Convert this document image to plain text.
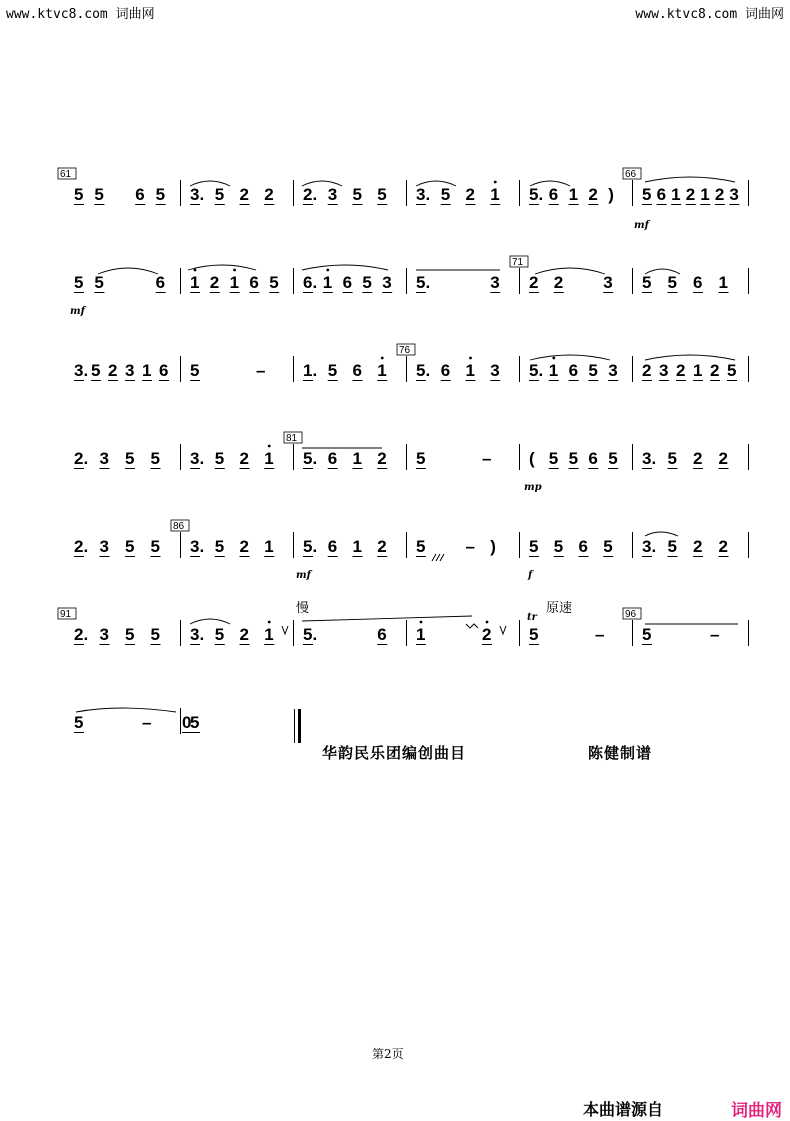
www.ktvc8.com 词曲网	www.ktvc8.com 词曲网
61	66
71
76
81
86
91	96
mf
mf
mp
mf	f
慢
tr
原速
5 5 6 5 3. 5 2 2 2. 3 5 5 3. 5 2 1 5. 6 1 2 ) 5 6 1 2 1 2 3
5 5	6 1 2 1 6 5 6. 1 6 5 3 5.	3 2 2 3 5 5 6 1
3. 5 2 3 1 6 5	– 1. 5 6 1 5. 6 1 3 5. 1 6 5 3 2 3 2 1 2 5
2. 3 5 5 3. 5 2 1 5. 6 1 2 5	– ( 5 5 6 5 3. 5 2 2
2. 3 5 5 3. 5 2 1 5. 6 1 2 5 – ) 5 5 6 5 3. 5 2 2
2. 3 5 5 3. 5 2 1 5.	6 1	2 5	– 5	–
5	– 5
0
华韵民乐团编创曲目	陈健制谱
第2页
本曲谱源自	词曲网
